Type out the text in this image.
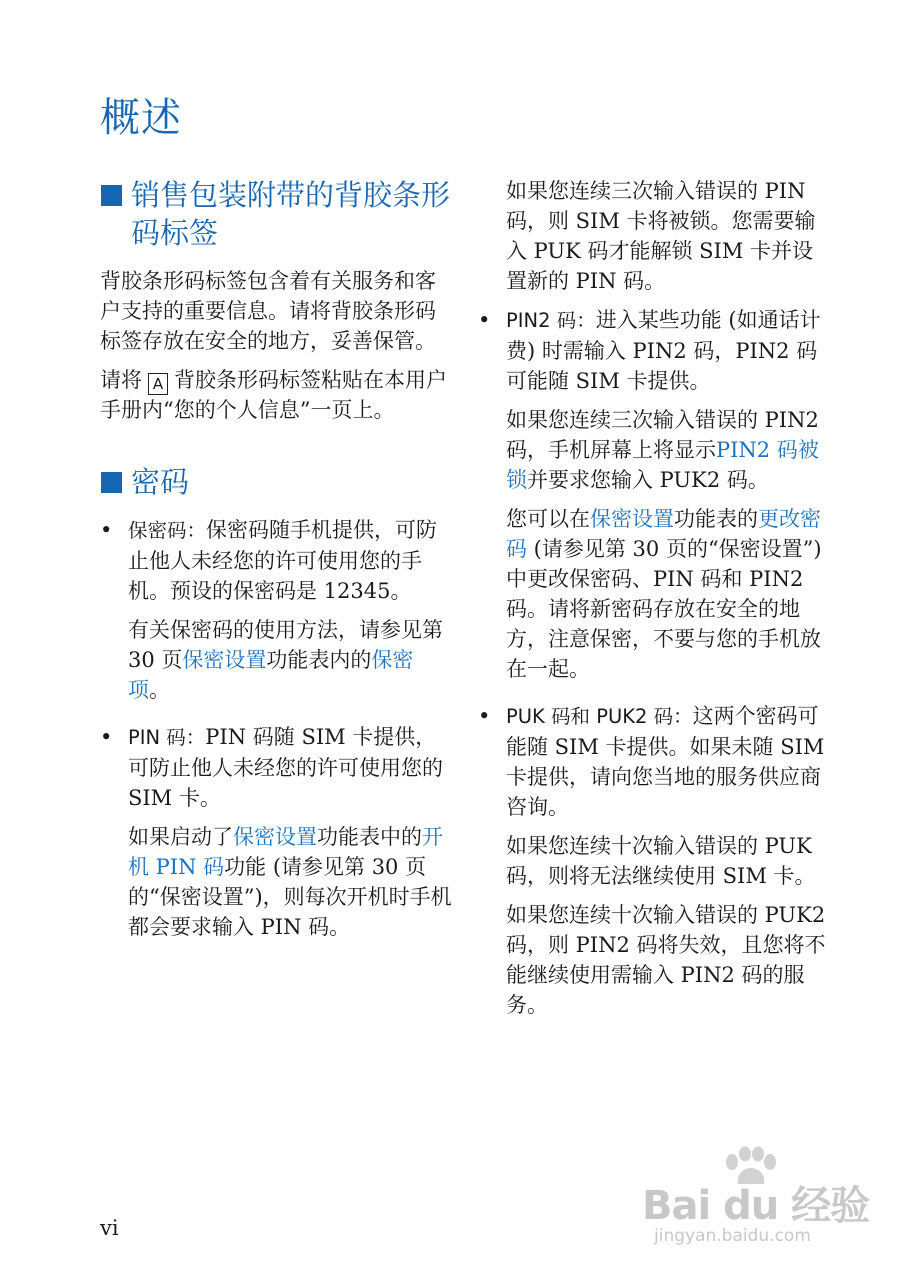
概述
销售包装附带的背胶条形码标签

背胶条形码标签包含着有关服务和客户支持的重要信息。请将背胶条形码标签存放在安全的地方，妥善保管。

请将 A 背胶条形码标签粘贴在本用户手册内“您的个人信息”一页上。

密码
• 保密码：保密码随手机提供，可防止他人未经您的许可使用您的手机。预设的保密码是 12345。

有关保密码的使用方法，请参见第 30 页保密设置功能表内的保密项。

• PIN 码：PIN 码随 SIM 卡提供，可防止他人未经您的许可使用您的 SIM 卡。

如果启动了保密设置功能表中的开机 PIN 码功能 (请参见第 30 页的“保密设置”)，则每次开机时手机都会要求输入 PIN 码。

如果您连续三次输入错误的 PIN 码，则 SIM 卡将被锁。您需要输入 PUK 码才能解锁 SIM 卡并设置新的 PIN 码。

• PIN2 码：进入某些功能 (如通话计费) 时需输入 PIN2 码，PIN2 码可能随 SIM 卡提供。

如果您连续三次输入错误的 PIN2 码，手机屏幕上将显示PIN2 码被锁并要求您输入 PUK2 码。

您可以在保密设置功能表的更改密码 (请参见第 30 页的“保密设置”) 中更改保密码、PIN 码和 PIN2 码。请将新密码存放在安全的地方，注意保密，不要与您的手机放在一起。

• PUK 码和 PUK2 码：这两个密码可能随 SIM 卡提供。如果未随 SIM 卡提供，请向您当地的服务供应商咨询。

如果您连续十次输入错误的 PUK 码，则将无法继续使用 SIM 卡。

如果您连续十次输入错误的 PUK2 码，则 PIN2 码将失效，且您将不能继续使用需输入 PIN2 码的服务。

vi	Bai du 经验
jingyan.baidu.com
